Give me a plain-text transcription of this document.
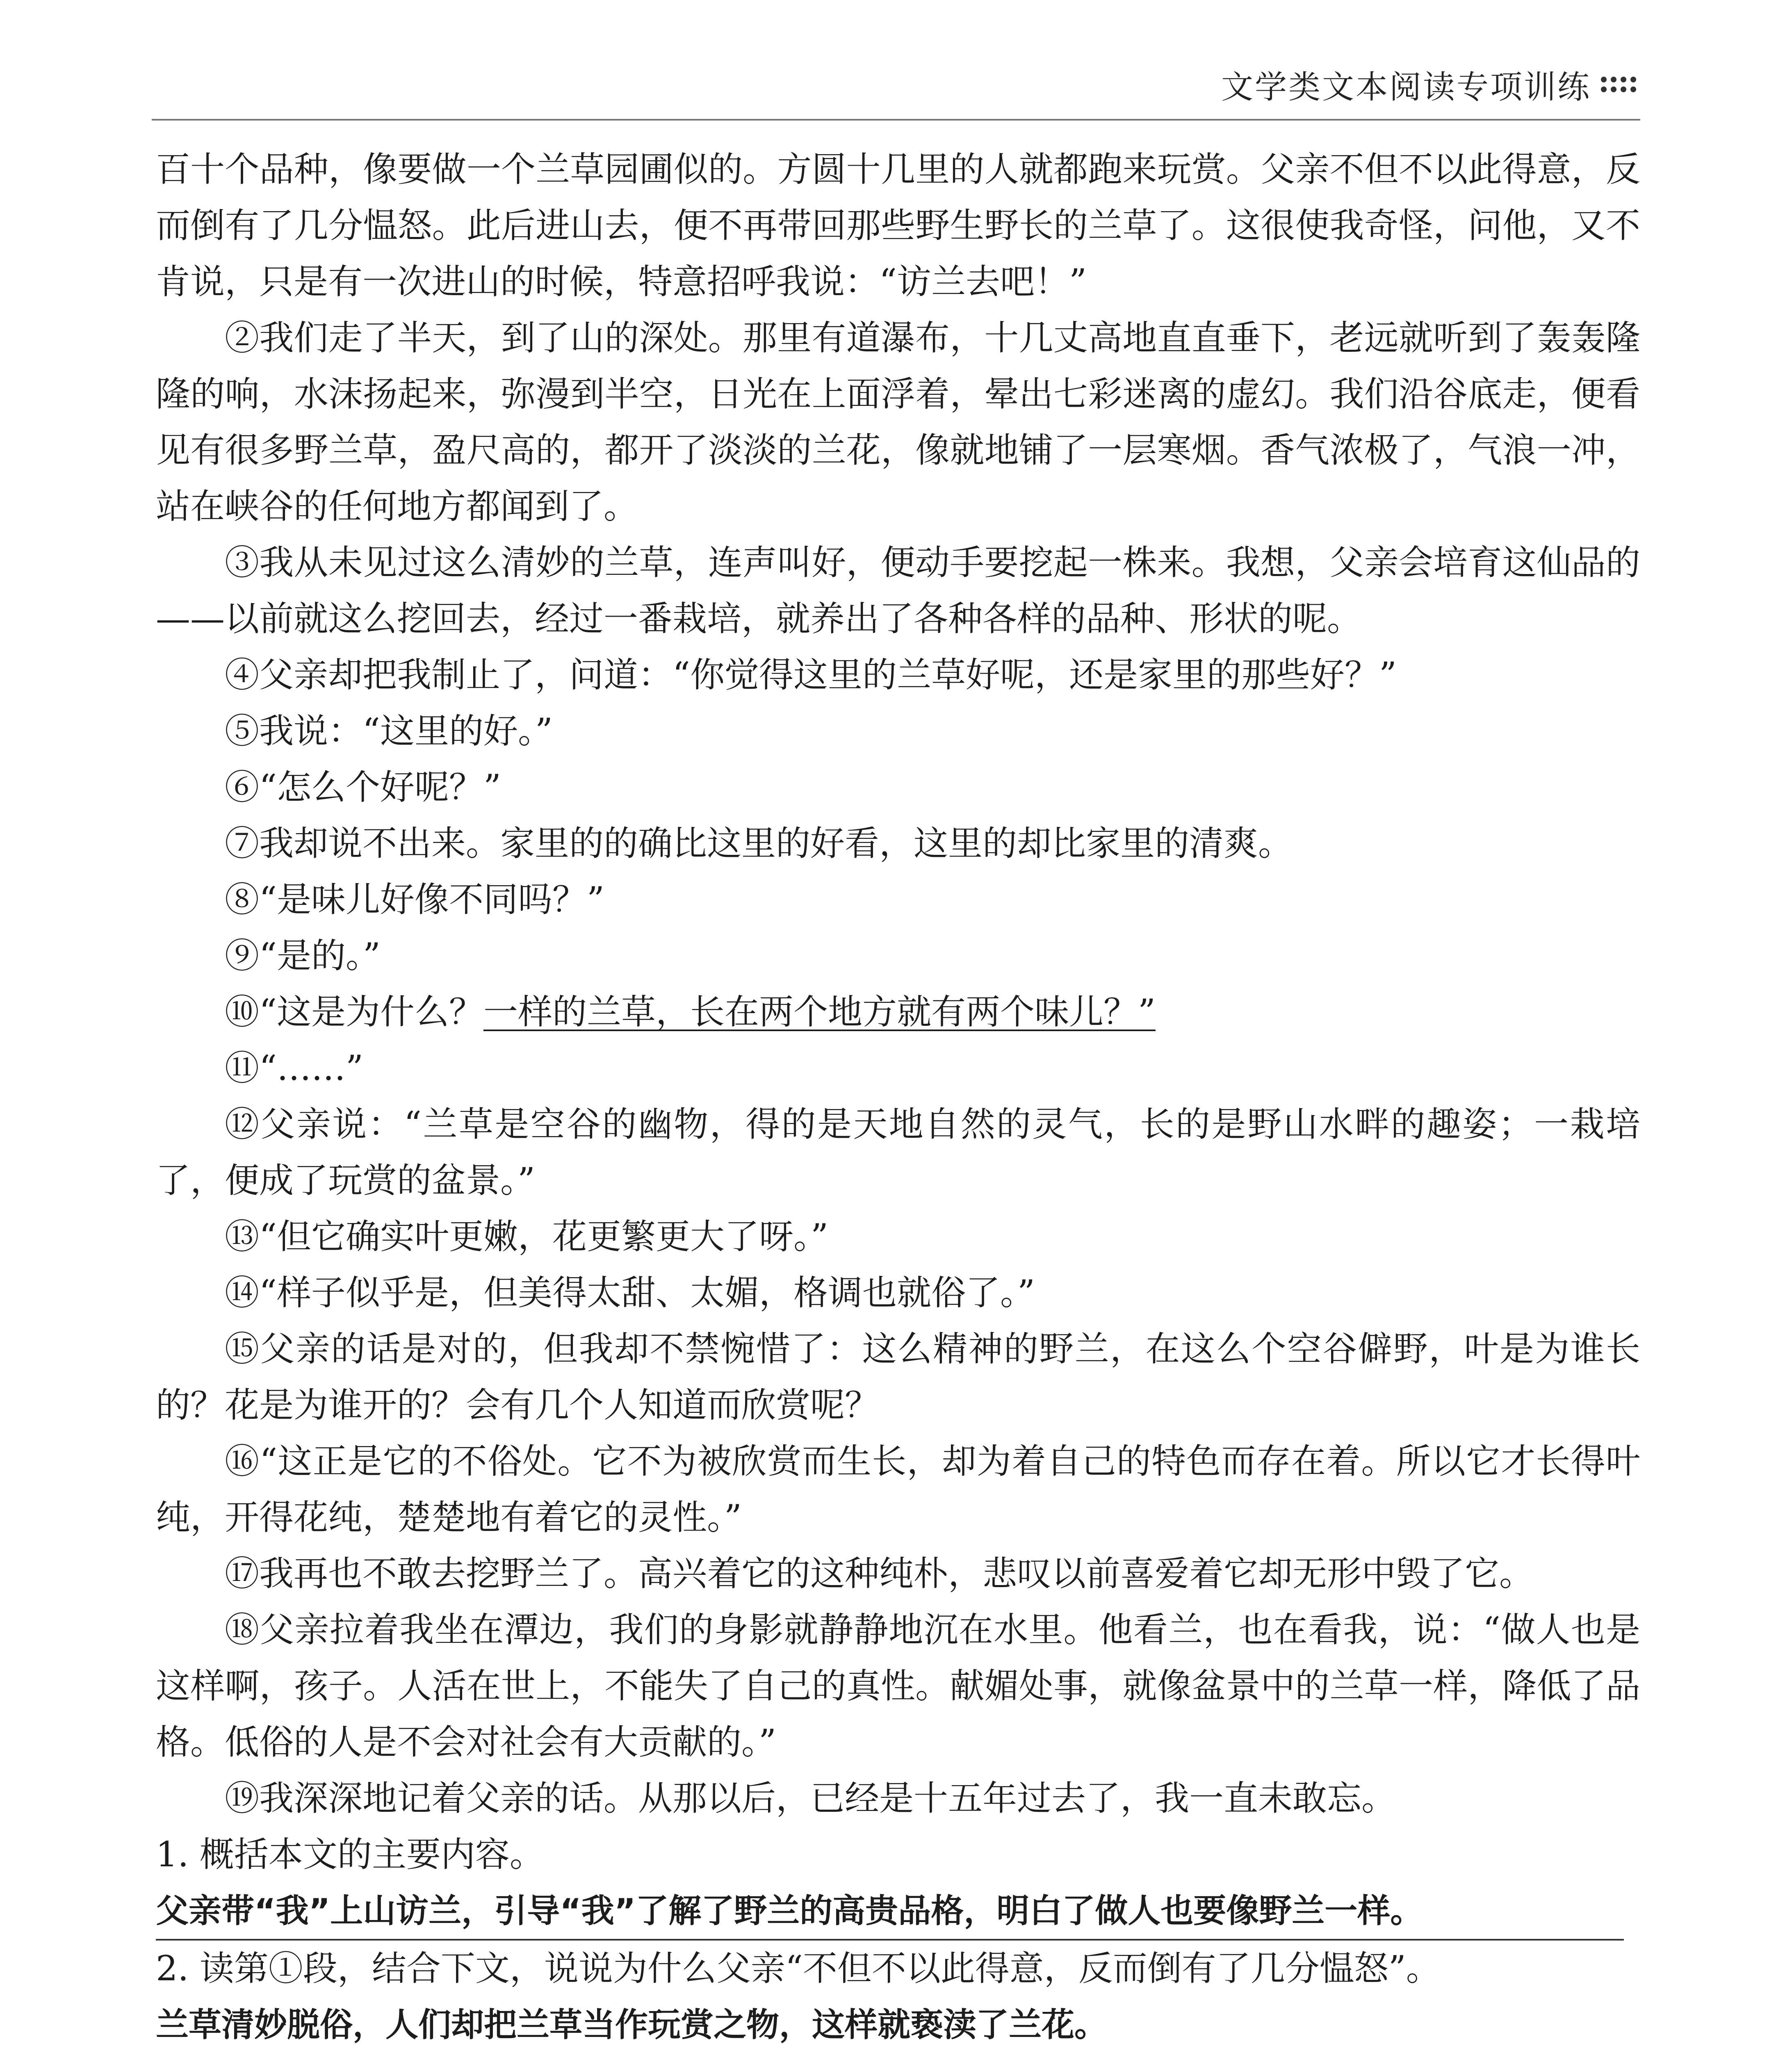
文学类文本阅读专项训练

百十个品种，像要做一个兰草园圃似的。方圆十几里的人就都跑来玩赏。父亲不但不以此得意，反而倒有了几分愠怒。此后进山去，便不再带回那些野生野长的兰草了。这很使我奇怪，问他，又不肯说，只是有一次进山的时候，特意招呼我说：“访兰去吧！”

②我们走了半天，到了山的深处。那里有道瀑布，十几丈高地直直垂下，老远就听到了轰轰隆隆的响，水沫扬起来，弥漫到半空，日光在上面浮着，晕出七彩迷离的虚幻。我们沿谷底走，便看见有很多野兰草，盈尺高的，都开了淡淡的兰花，像就地铺了一层寒烟。香气浓极了，气浪一冲，站在峡谷的任何地方都闻到了。

③我从未见过这么清妙的兰草，连声叫好，便动手要挖起一株来。我想，父亲会培育这仙品的——以前就这么挖回去，经过一番栽培，就养出了各种各样的品种、形状的呢。

④父亲却把我制止了，问道：“你觉得这里的兰草好呢，还是家里的那些好？”

⑤我说：“这里的好。”

⑥“怎么个好呢？”

⑦我却说不出来。家里的的确比这里的好看，这里的却比家里的清爽。

⑧“是味儿好像不同吗？”

⑨“是的。”

⑩“这是为什么？一样的兰草，长在两个地方就有两个味儿？”

⑪“……”

⑫父亲说：“兰草是空谷的幽物，得的是天地自然的灵气，长的是野山水畔的趣姿；一栽培了，便成了玩赏的盆景。”

⑬“但它确实叶更嫩，花更繁更大了呀。”

⑭“样子似乎是，但美得太甜、太媚，格调也就俗了。”

⑮父亲的话是对的，但我却不禁惋惜了：这么精神的野兰，在这么个空谷僻野，叶是为谁长的？花是为谁开的？会有几个人知道而欣赏呢？

⑯“这正是它的不俗处。它不为被欣赏而生长，却为着自己的特色而存在着。所以它才长得叶纯，开得花纯，楚楚地有着它的灵性。”

⑰我再也不敢去挖野兰了。高兴着它的这种纯朴，悲叹以前喜爱着它却无形中毁了它。

⑱父亲拉着我坐在潭边，我们的身影就静静地沉在水里。他看兰，也在看我，说：“做人也是这样啊，孩子。人活在世上，不能失了自己的真性。献媚处事，就像盆景中的兰草一样，降低了品格。低俗的人是不会对社会有大贡献的。”

⑲我深深地记着父亲的话。从那以后，已经是十五年过去了，我一直未敢忘。

1. 概括本文的主要内容。

父亲带“我”上山访兰，引导“我”了解了野兰的高贵品格，明白了做人也要像野兰一样。

2. 读第①段，结合下文，说说为什么父亲“不但不以此得意，反而倒有了几分愠怒”。

兰草清妙脱俗，人们却把兰草当作玩赏之物，这样就亵渎了兰花。
